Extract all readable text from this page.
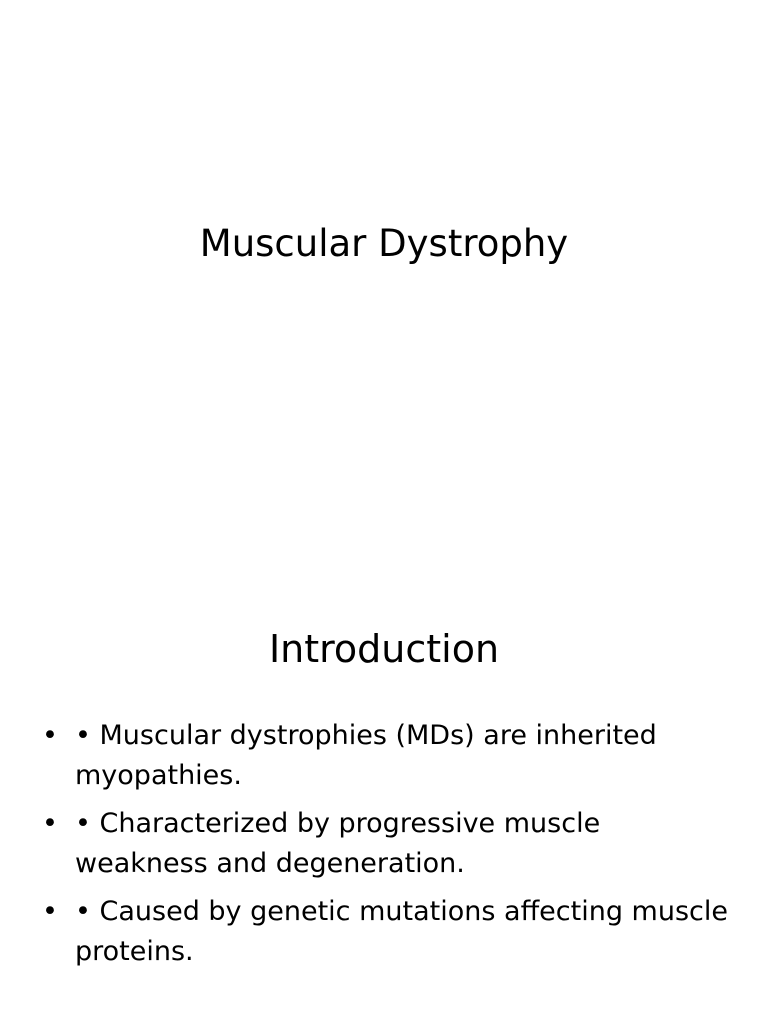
Muscular Dystrophy
Introduction
• • Muscular dystrophies (MDs) are inherited myopathies.
• • Characterized by progressive muscle weakness and degeneration.
• • Caused by genetic mutations affecting muscle proteins.
